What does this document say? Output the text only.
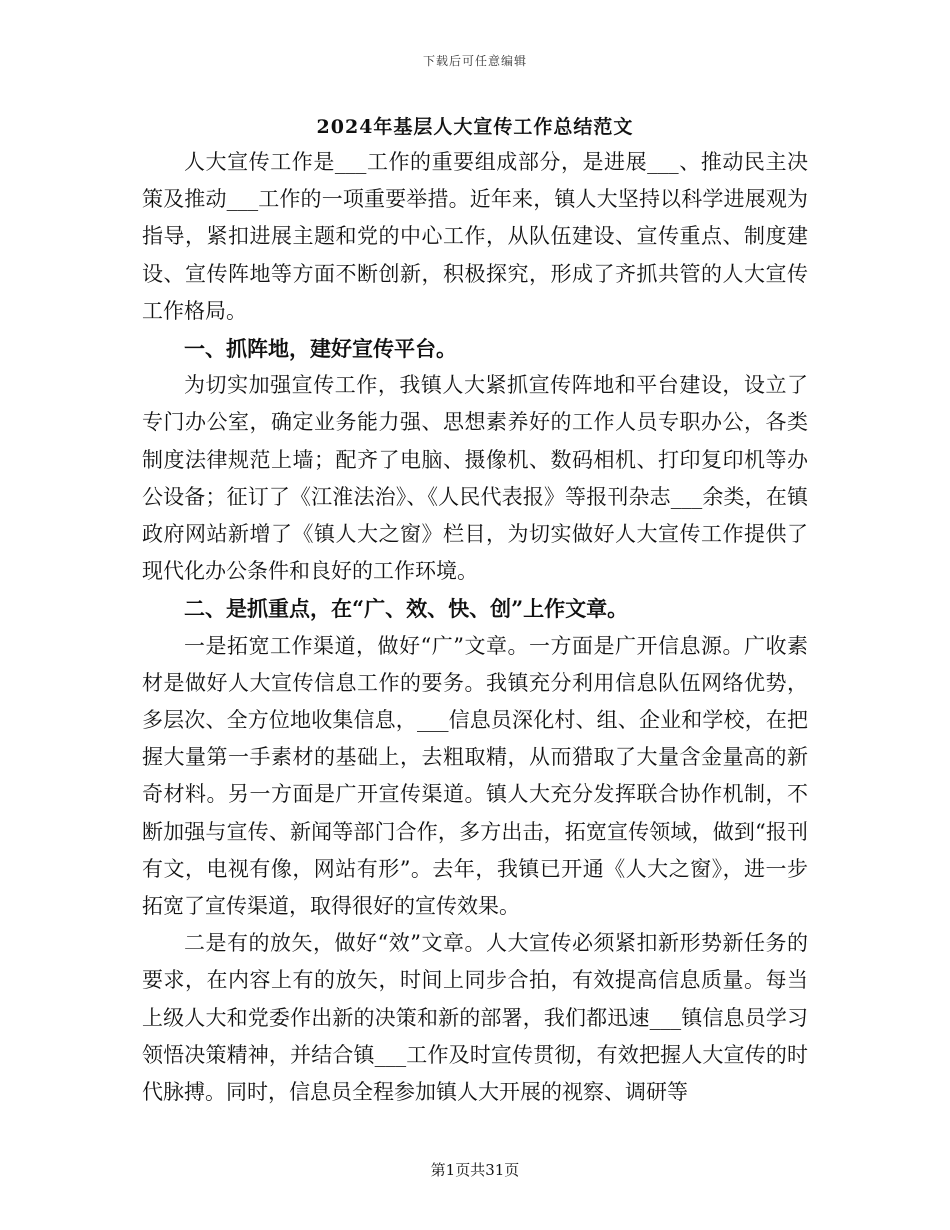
下载后可任意编辑
2024年基层人大宣传工作总结范文

人大宣传工作是___工作的重要组成部分，是进展___、推动民主决策及推动___工作的一项重要举措。近年来，镇人大坚持以科学进展观为指导，紧扣进展主题和党的中心工作，从队伍建设、宣传重点、制度建设、宣传阵地等方面不断创新，积极探究，形成了齐抓共管的人大宣传工作格局。

一、抓阵地，建好宣传平台。

为切实加强宣传工作，我镇人大紧抓宣传阵地和平台建设，设立了专门办公室，确定业务能力强、思想素养好的工作人员专职办公，各类制度法律规范上墙；配齐了电脑、摄像机、数码相机、打印复印机等办公设备；征订了《江淮法治》、《人民代表报》等报刊杂志___余类，在镇政府网站新增了《镇人大之窗》栏目，为切实做好人大宣传工作提供了现代化办公条件和良好的工作环境。

二、是抓重点，在“广、效、快、创”上作文章。

一是拓宽工作渠道，做好“广”文章。一方面是广开信息源。广收素材是做好人大宣传信息工作的要务。我镇充分利用信息队伍网络优势，多层次、全方位地收集信息，___信息员深化村、组、企业和学校，在把握大量第一手素材的基础上，去粗取精，从而猎取了大量含金量高的新奇材料。另一方面是广开宣传渠道。镇人大充分发挥联合协作机制，不断加强与宣传、新闻等部门合作，多方出击，拓宽宣传领域，做到“报刊有文，电视有像，网站有形”。去年，我镇已开通《人大之窗》，进一步拓宽了宣传渠道，取得很好的宣传效果。

二是有的放矢，做好“效”文章。人大宣传必须紧扣新形势新任务的要求，在内容上有的放矢，时间上同步合拍，有效提高信息质量。每当上级人大和党委作出新的决策和新的部署，我们都迅速___镇信息员学习领悟决策精神，并结合镇___工作及时宣传贯彻，有效把握人大宣传的时代脉搏。同时，信息员全程参加镇人大开展的视察、调研等

第1页共31页
